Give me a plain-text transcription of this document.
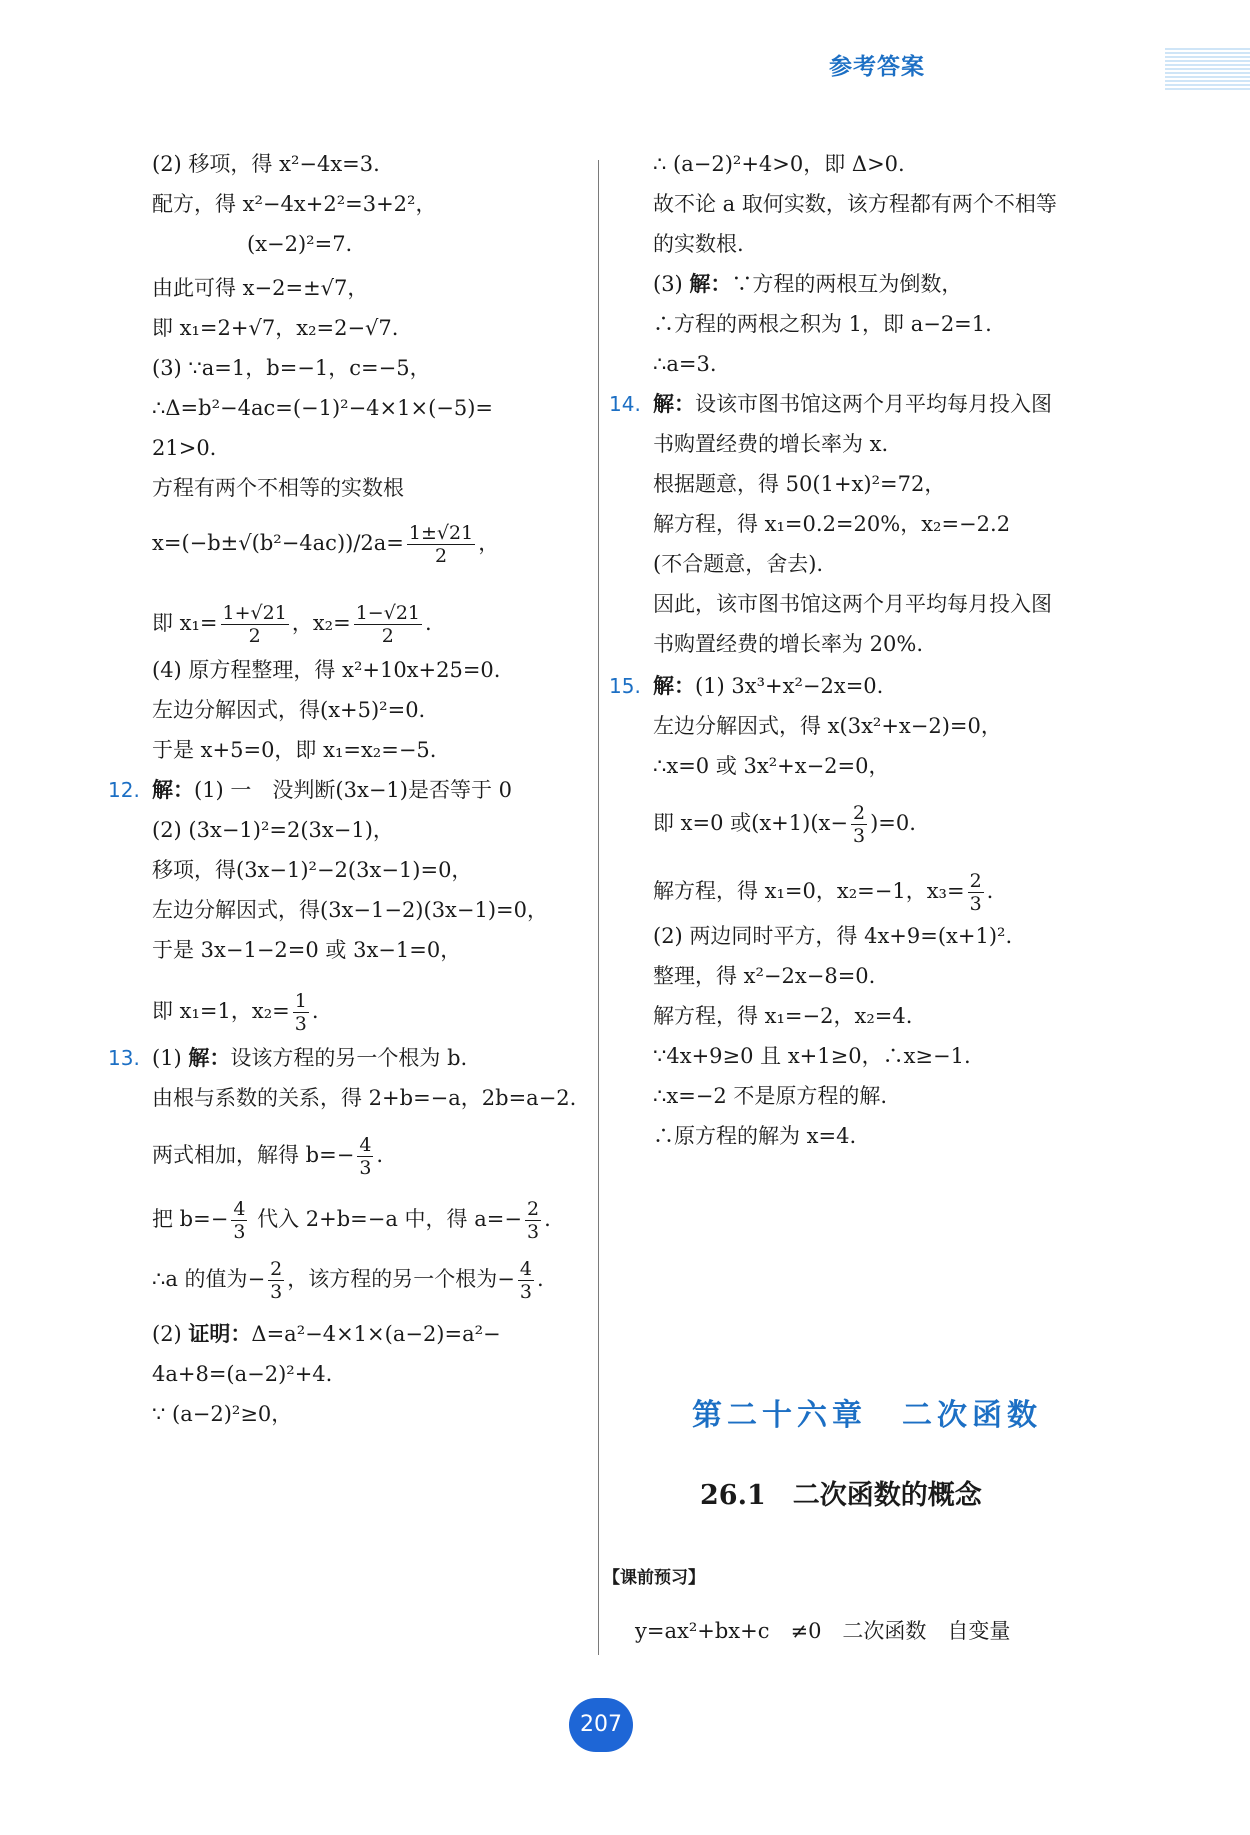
参考答案
(2) 移项，得 x²−4x=3.
配方，得 x²−4x+2²=3+2²，
(x−2)²=7.
由此可得 x−2=±√7，
即 x₁=2+√7，x₂=2−√7.
(3) ∵a=1，b=−1，c=−5，
∴Δ=b²−4ac=(−1)²−4×1×(−5)=
21>0.
方程有两个不相等的实数根
$x=(-b\pm√(b^2-4ac))/2a= \frac{1\pm√21}{2}$ ，
即 $x_1= \frac{1+√21}{2}$ ，$x_2= \frac{1-√21}{2}$ .
(4) 原方程整理，得 x²+10x+25=0.
左边分解因式，得(x+5)²=0.
于是 x+5=0，即 x₁=x₂=−5.
12. 解：(1) 一　没判断(3x−1)是否等于 0
(2) (3x−1)²=2(3x−1)，
移项，得(3x−1)²−2(3x−1)=0，
左边分解因式，得(3x−1−2)(3x−1)=0，
于是 3x−1−2=0 或 3x−1=0，
即 x₁=1，$x_2= \frac{1}{3}$ .
13. (1) 解：设该方程的另一个根为 b.
由根与系数的关系，得 2+b=−a，2b=a−2.
两式相加，解得 $b=- \frac{4}{3}$ .
把 $b=- \frac{4}{3}$ 代入 2+b=−a 中，得 $a=- \frac{2}{3}$ .
∴a 的值为− $\frac{2}{3}$ ，该方程的另一个根为− $\frac{4}{3}$ .
(2) 证明：Δ=a²−4×1×(a−2)=a²−
4a+8=(a−2)²+4.
∵ (a−2)²≥0，
∴ (a−2)²+4>0，即 Δ>0.
故不论 a 取何实数，该方程都有两个不相等
的实数根.
(3) 解：∵方程的两根互为倒数，
∴方程的两根之积为 1，即 a−2=1.
∴a=3.
14. 解：设该市图书馆这两个月平均每月投入图
书购置经费的增长率为 x.
根据题意，得 50(1+x)²=72，
解方程，得 x₁=0.2=20%，x₂=−2.2
(不合题意，舍去).
因此，该市图书馆这两个月平均每月投入图
书购置经费的增长率为 20%.
15. 解：(1) 3x³+x²−2x=0.
左边分解因式，得 x(3x²+x−2)=0，
∴x=0 或 3x²+x−2=0，
即 x=0 或$(x+1)(x- \frac{2}{3} )=0$.
解方程，得 x₁=0，x₂=−1，$x_3= \frac{2}{3}$ .
(2) 两边同时平方，得 4x+9=(x+1)².
整理，得 x²−2x−8=0.
解方程，得 x₁=−2，x₂=4.
∵4x+9≥0 且 x+1≥0，∴x≥−1.
∴x=−2 不是原方程的解.
∴原方程的解为 x=4.
第二十六章　二次函数
26.1　二次函数的概念
【课前预习】
y=ax²+bx+c　≠0　二次函数　自变量
207
